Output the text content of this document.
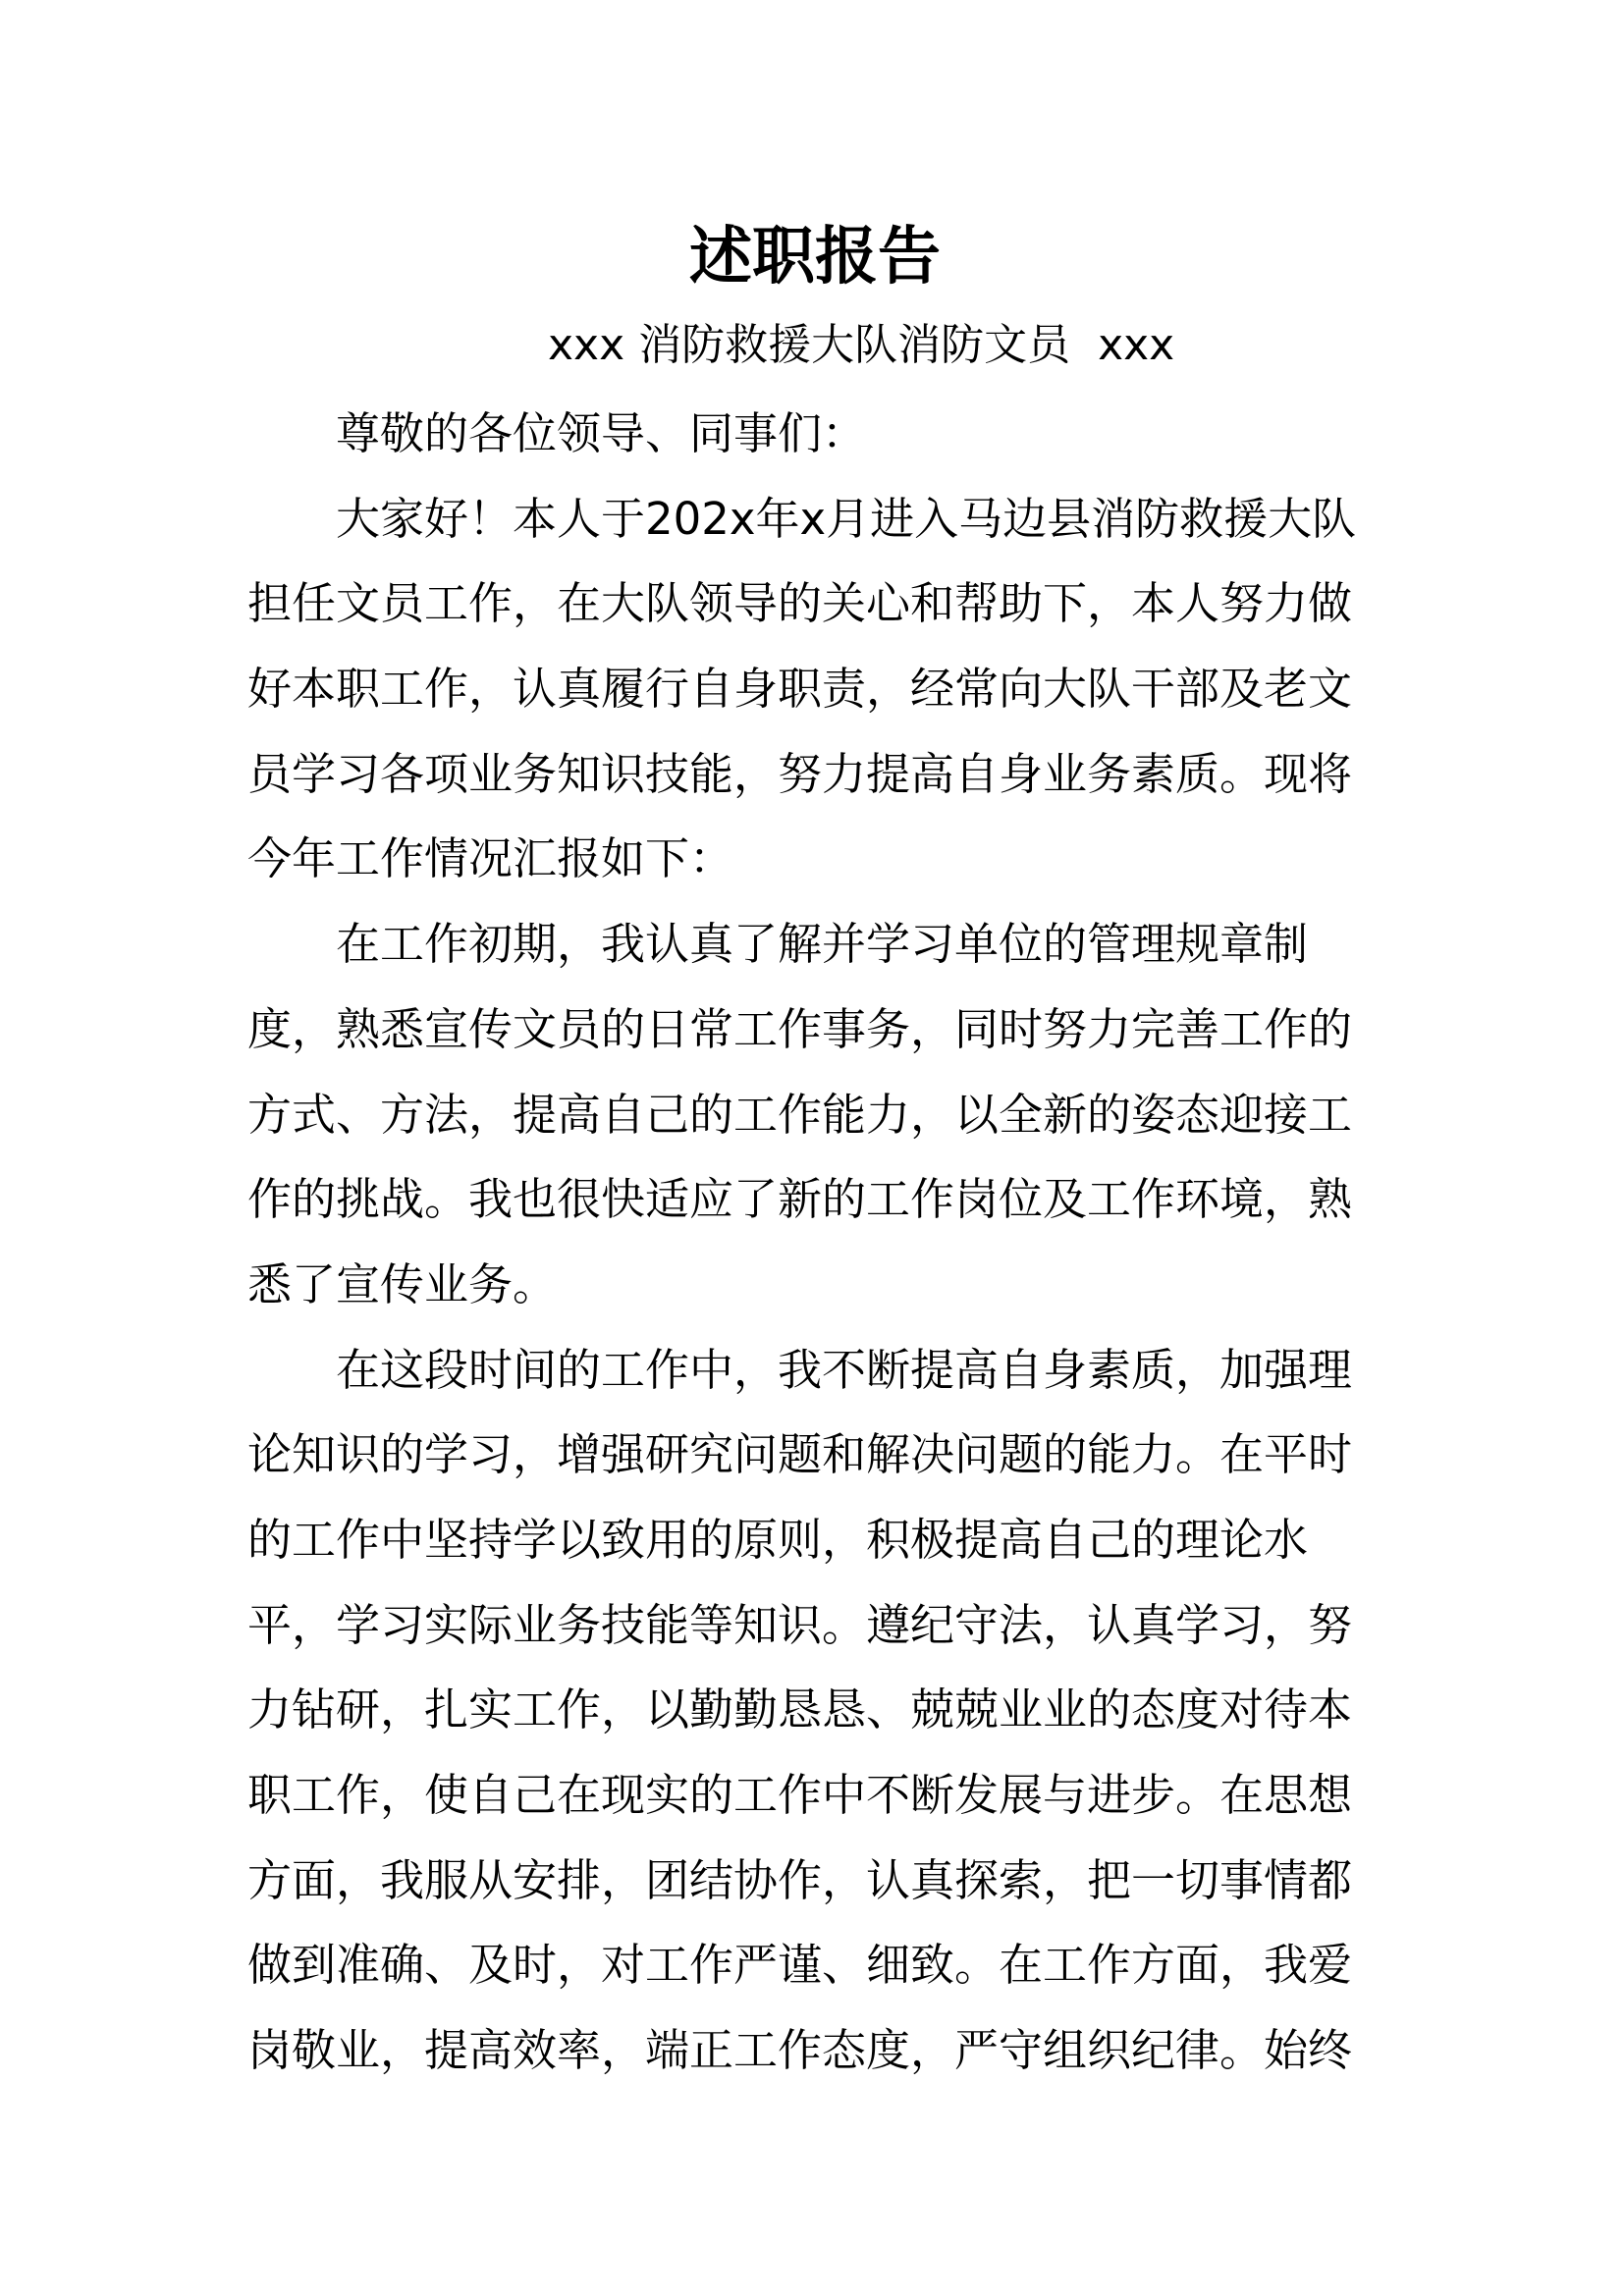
述职报告
xxx 消防救援大队消防文员  xxx
尊敬的各位领导、同事们：
大家好！本人于202x年x月进入马边县消防救援大队
担任文员工作，在大队领导的关心和帮助下，本人努力做
好本职工作，认真履行自身职责，经常向大队干部及老文
员学习各项业务知识技能，努力提高自身业务素质。现将
今年工作情况汇报如下：
在工作初期，我认真了解并学习单位的管理规章制
度，熟悉宣传文员的日常工作事务，同时努力完善工作的
方式、方法，提高自己的工作能力，以全新的姿态迎接工
作的挑战。我也很快适应了新的工作岗位及工作环境，熟
悉了宣传业务。
在这段时间的工作中，我不断提高自身素质，加强理
论知识的学习，增强研究问题和解决问题的能力。在平时
的工作中坚持学以致用的原则，积极提高自己的理论水
平，学习实际业务技能等知识。遵纪守法，认真学习，努
力钻研，扎实工作，以勤勤恳恳、兢兢业业的态度对待本
职工作，使自己在现实的工作中不断发展与进步。在思想
方面，我服从安排，团结协作，认真探索，把一切事情都
做到准确、及时，对工作严谨、细致。在工作方面，我爱
岗敬业，提高效率，端正工作态度，严守组织纪律。始终
